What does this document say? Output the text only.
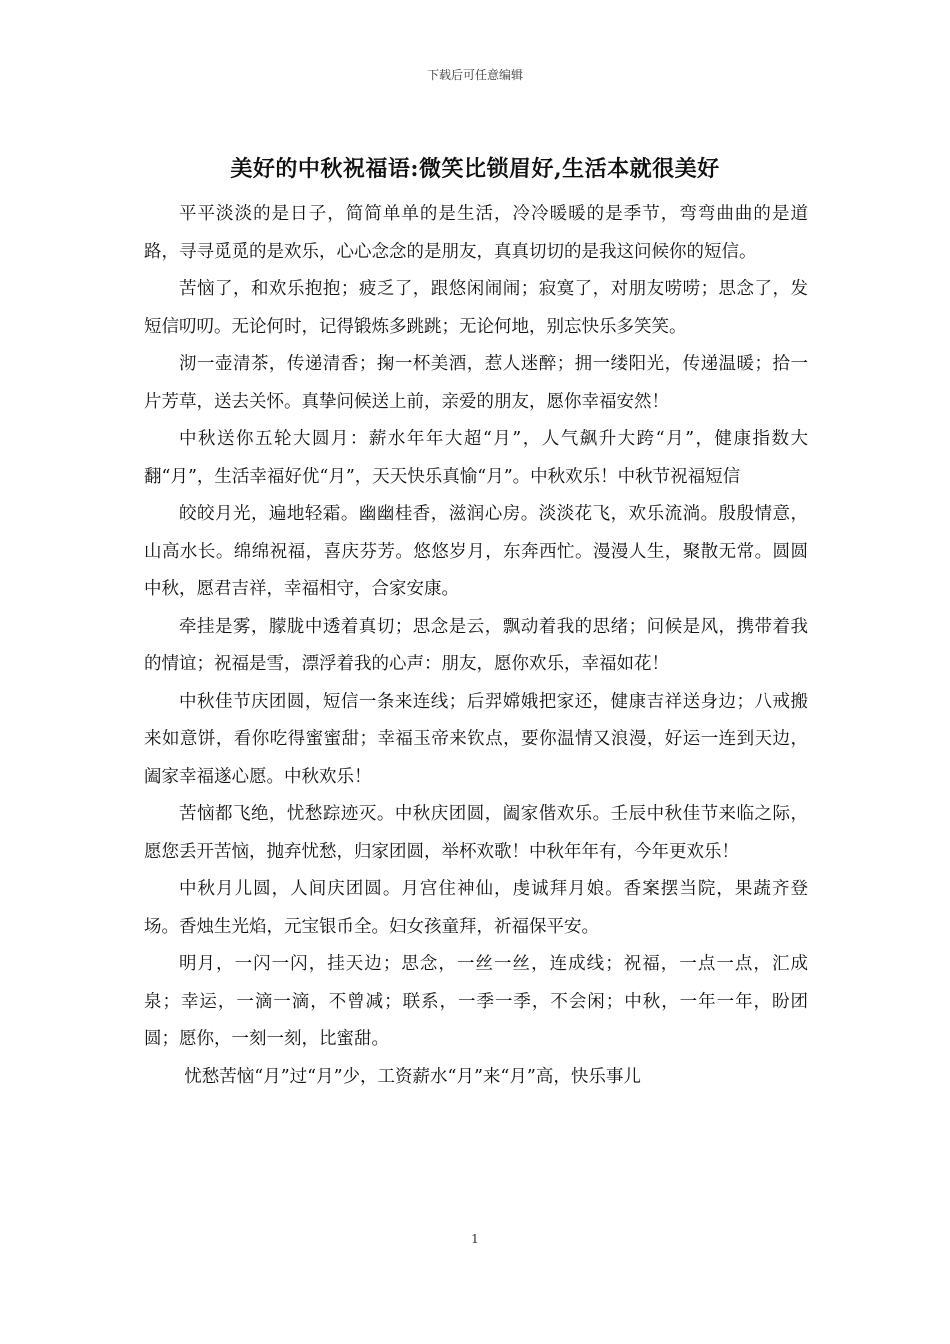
下载后可任意编辑
美好的中秋祝福语:微笑比锁眉好,生活本就很美好

平平淡淡的是日子，简简单单的是生活，冷冷暖暖的是季节，弯弯曲曲的是道路，寻寻觅觅的是欢乐，心心念念的是朋友，真真切切的是我这问候你的短信。

苦恼了，和欢乐抱抱；疲乏了，跟悠闲闹闹；寂寞了，对朋友唠唠；思念了，发短信叨叨。无论何时，记得锻炼多跳跳；无论何地，别忘快乐多笑笑。

沏一壶清茶，传递清香；掬一杯美酒，惹人迷醉；拥一缕阳光，传递温暖；拾一片芳草，送去关怀。真挚问候送上前，亲爱的朋友，愿你幸福安然！

中秋送你五轮大圆月：薪水年年大超“月”，人气飙升大跨“月”，健康指数大翻“月”，生活幸福好优“月”，天天快乐真愉“月”。中秋欢乐！中秋节祝福短信

皎皎月光，遍地轻霜。幽幽桂香，滋润心房。淡淡花飞，欢乐流淌。殷殷情意，山高水长。绵绵祝福，喜庆芬芳。悠悠岁月，东奔西忙。漫漫人生，聚散无常。圆圆中秋，愿君吉祥，幸福相守，合家安康。

牵挂是雾，朦胧中透着真切；思念是云，飘动着我的思绪；问候是风，携带着我的情谊；祝福是雪，漂浮着我的心声：朋友，愿你欢乐，幸福如花！

中秋佳节庆团圆，短信一条来连线；后羿嫦娥把家还，健康吉祥送身边；八戒搬来如意饼，看你吃得蜜蜜甜；幸福玉帝来钦点，要你温情又浪漫，好运一连到天边，阖家幸福遂心愿。中秋欢乐！

苦恼都飞绝，忧愁踪迹灭。中秋庆团圆，阖家偕欢乐。壬辰中秋佳节来临之际，愿您丢开苦恼，抛弃忧愁，归家团圆，举杯欢歌！中秋年年有，今年更欢乐！

中秋月儿圆，人间庆团圆。月宫住神仙，虔诚拜月娘。香案摆当院，果蔬齐登场。香烛生光焰，元宝银币全。妇女孩童拜，祈福保平安。

明月，一闪一闪，挂天边；思念，一丝一丝，连成线；祝福，一点一点，汇成泉；幸运，一滴一滴，不曾减；联系，一季一季，不会闲；中秋，一年一年，盼团圆；愿你，一刻一刻，比蜜甜。

忧愁苦恼“月”过“月”少，工资薪水“月”来“月”高，快乐事儿

1
